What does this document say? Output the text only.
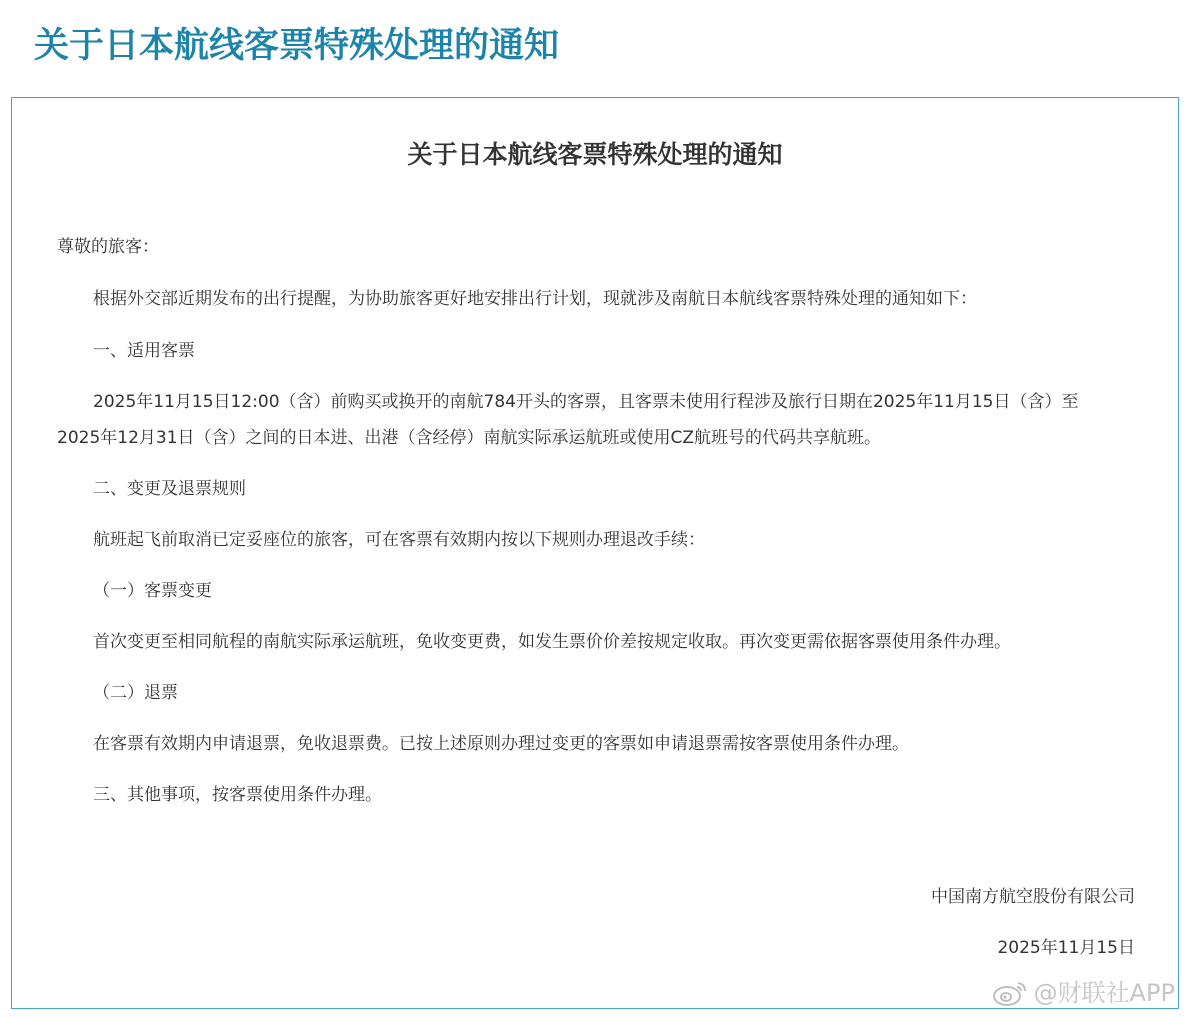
关于日本航线客票特殊处理的通知
关于日本航线客票特殊处理的通知
尊敬的旅客：
根据外交部近期发布的出行提醒，为协助旅客更好地安排出行计划，现就涉及南航日本航线客票特殊处理的通知如下：
一、适用客票
2025年11月15日12:00（含）前购买或换开的南航784开头的客票，且客票未使用行程涉及旅行日期在2025年11月15日（含）至
2025年12月31日（含）之间的日本进、出港（含经停）南航实际承运航班或使用CZ航班号的代码共享航班。
二、变更及退票规则
航班起飞前取消已定妥座位的旅客，可在客票有效期内按以下规则办理退改手续：
（一）客票变更
首次变更至相同航程的南航实际承运航班，免收变更费，如发生票价价差按规定收取。再次变更需依据客票使用条件办理。
（二）退票
在客票有效期内申请退票，免收退票费。已按上述原则办理过变更的客票如申请退票需按客票使用条件办理。
三、其他事项，按客票使用条件办理。
中国南方航空股份有限公司
2025年11月15日
@财联社APP
